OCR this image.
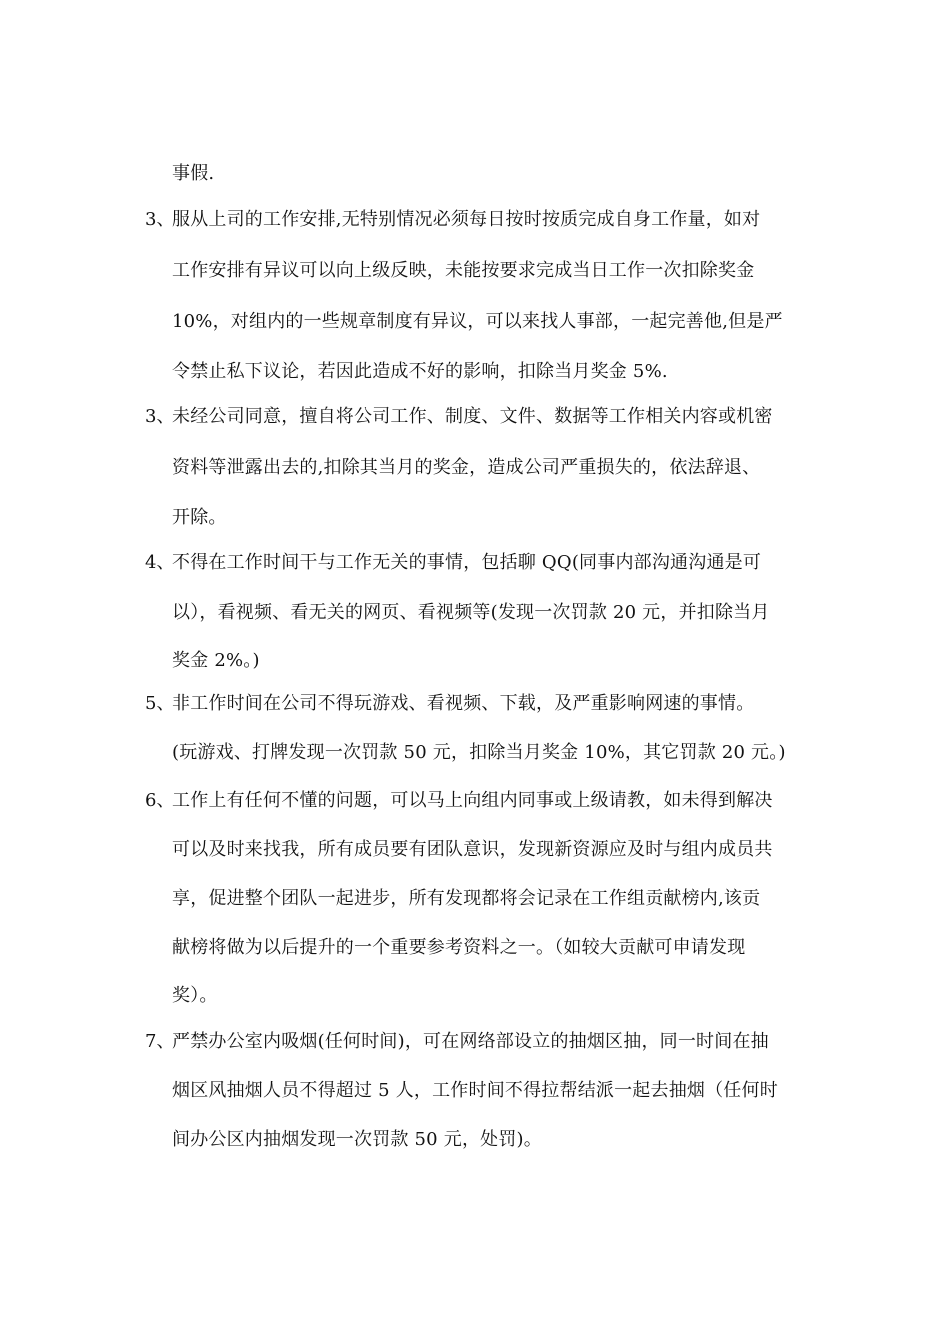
事假.
3、
服从上司的工作安排,无特别情况必须每日按时按质完成自身工作量，如对
工作安排有异议可以向上级反映，未能按要求完成当日工作一次扣除奖金
10%，对组内的一些规章制度有异议，可以来找人事部，一起完善他,但是严
令禁止私下议论，若因此造成不好的影响，扣除当月奖金 5%.
3、
未经公司同意，擅自将公司工作、制度、文件、数据等工作相关内容或机密
资料等泄露出去的,扣除其当月的奖金，造成公司严重损失的，依法辞退、
开除。
4、
不得在工作时间干与工作无关的事情，包括聊 QQ(同事内部沟通沟通是可
以），看视频、看无关的网页、看视频等(发现一次罚款 20 元，并扣除当月
奖金 2%。)
5、
非工作时间在公司不得玩游戏、看视频、下载，及严重影响网速的事情。
(玩游戏、打牌发现一次罚款 50 元，扣除当月奖金 10%，其它罚款 20 元。)
6、
工作上有任何不懂的问题，可以马上向组内同事或上级请教，如未得到解决
可以及时来找我，所有成员要有团队意识，发现新资源应及时与组内成员共
享，促进整个团队一起进步，所有发现都将会记录在工作组贡献榜内,该贡
献榜将做为以后提升的一个重要参考资料之一。（如较大贡献可申请发现
奖）。
7、
严禁办公室内吸烟(任何时间)，可在网络部设立的抽烟区抽，同一时间在抽
烟区风抽烟人员不得超过 5 人，工作时间不得拉帮结派一起去抽烟（任何时
间办公区内抽烟发现一次罚款 50 元，处罚)。
